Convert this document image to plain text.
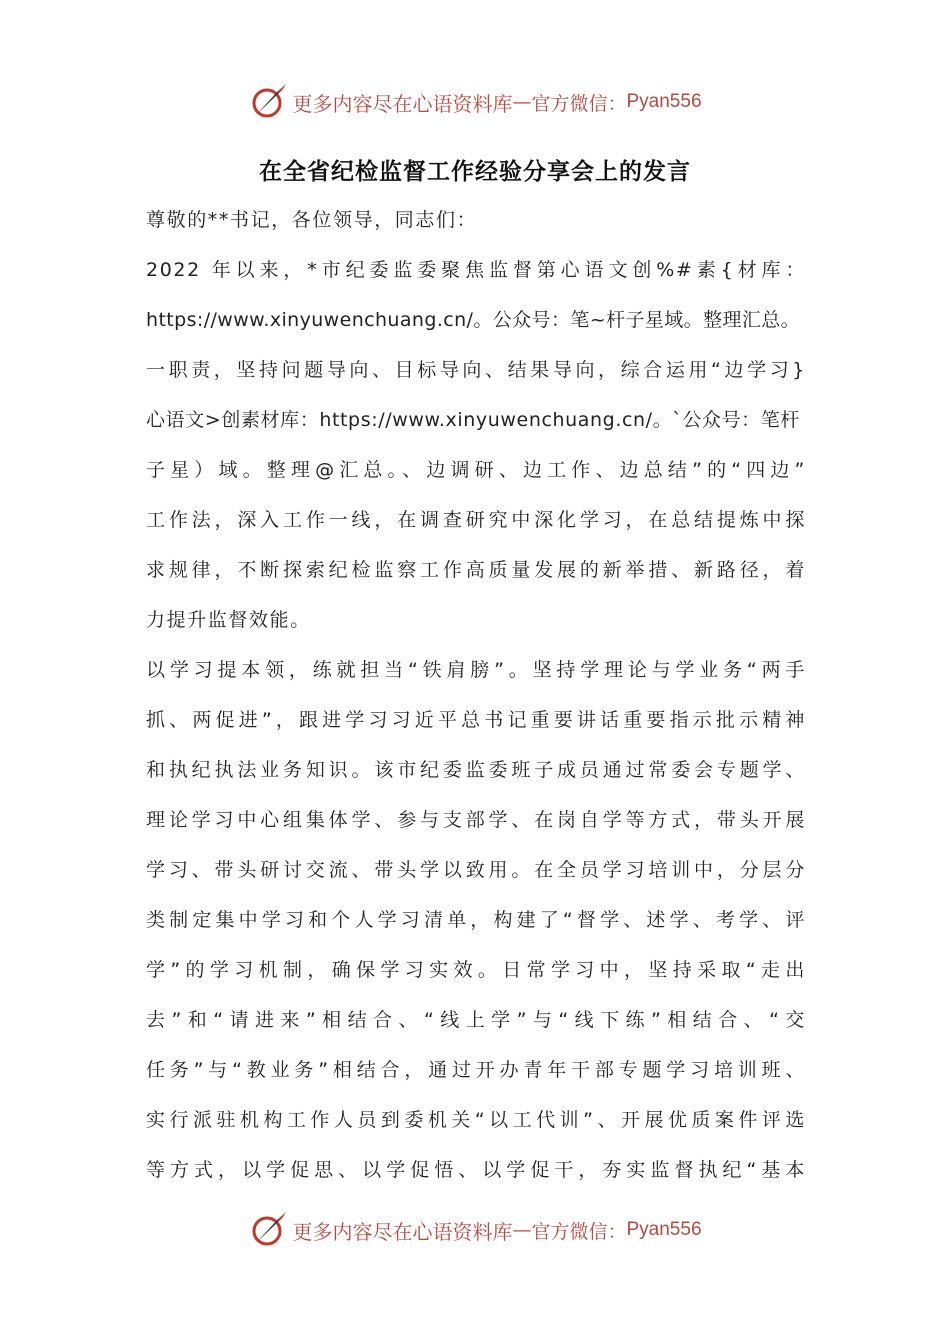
更多内容尽在心语资料库 — 官方微信： Pyan556
在全省纪检监督工作经验分享会上的发言
尊敬的**书记，各位领导，同志们：
2022 年以来，*市纪委监委聚焦监督第心语文创%#素{材库：
https://www.xinyuwenchuang.cn/。公众号：笔~杆子星域。整理汇总。
一职责，坚持问题导向、目标导向、结果导向，综合运用“边学习}
心语文>创素材库：https://www.xinyuwenchuang.cn/。`公众号：笔杆
子星）域。整理@汇总。、边调研、边工作、边总结”的“四边”
工作法，深入工作一线，在调查研究中深化学习，在总结提炼中探
求规律，不断探索纪检监察工作高质量发展的新举措、新路径，着
力提升监督效能。
以学习提本领，练就担当“铁肩膀”。坚持学理论与学业务“两手
抓、两促进”，跟进学习习近平总书记重要讲话重要指示批示精神
和执纪执法业务知识。该市纪委监委班子成员通过常委会专题学、
理论学习中心组集体学、参与支部学、在岗自学等方式，带头开展
学习、带头研讨交流、带头学以致用。在全员学习培训中，分层分
类制定集中学习和个人学习清单，构建了“督学、述学、考学、评
学”的学习机制，确保学习实效。日常学习中，坚持采取“走出
去”和“请进来”相结合、“线上学”与“线下练”相结合、“交
任务”与“教业务”相结合，通过开办青年干部专题学习培训班、
实行派驻机构工作人员到委机关“以工代训”、开展优质案件评选
等方式，以学促思、以学促悟、以学促干，夯实监督执纪“基本
更多内容尽在心语资料库 — 官方微信： Pyan556
